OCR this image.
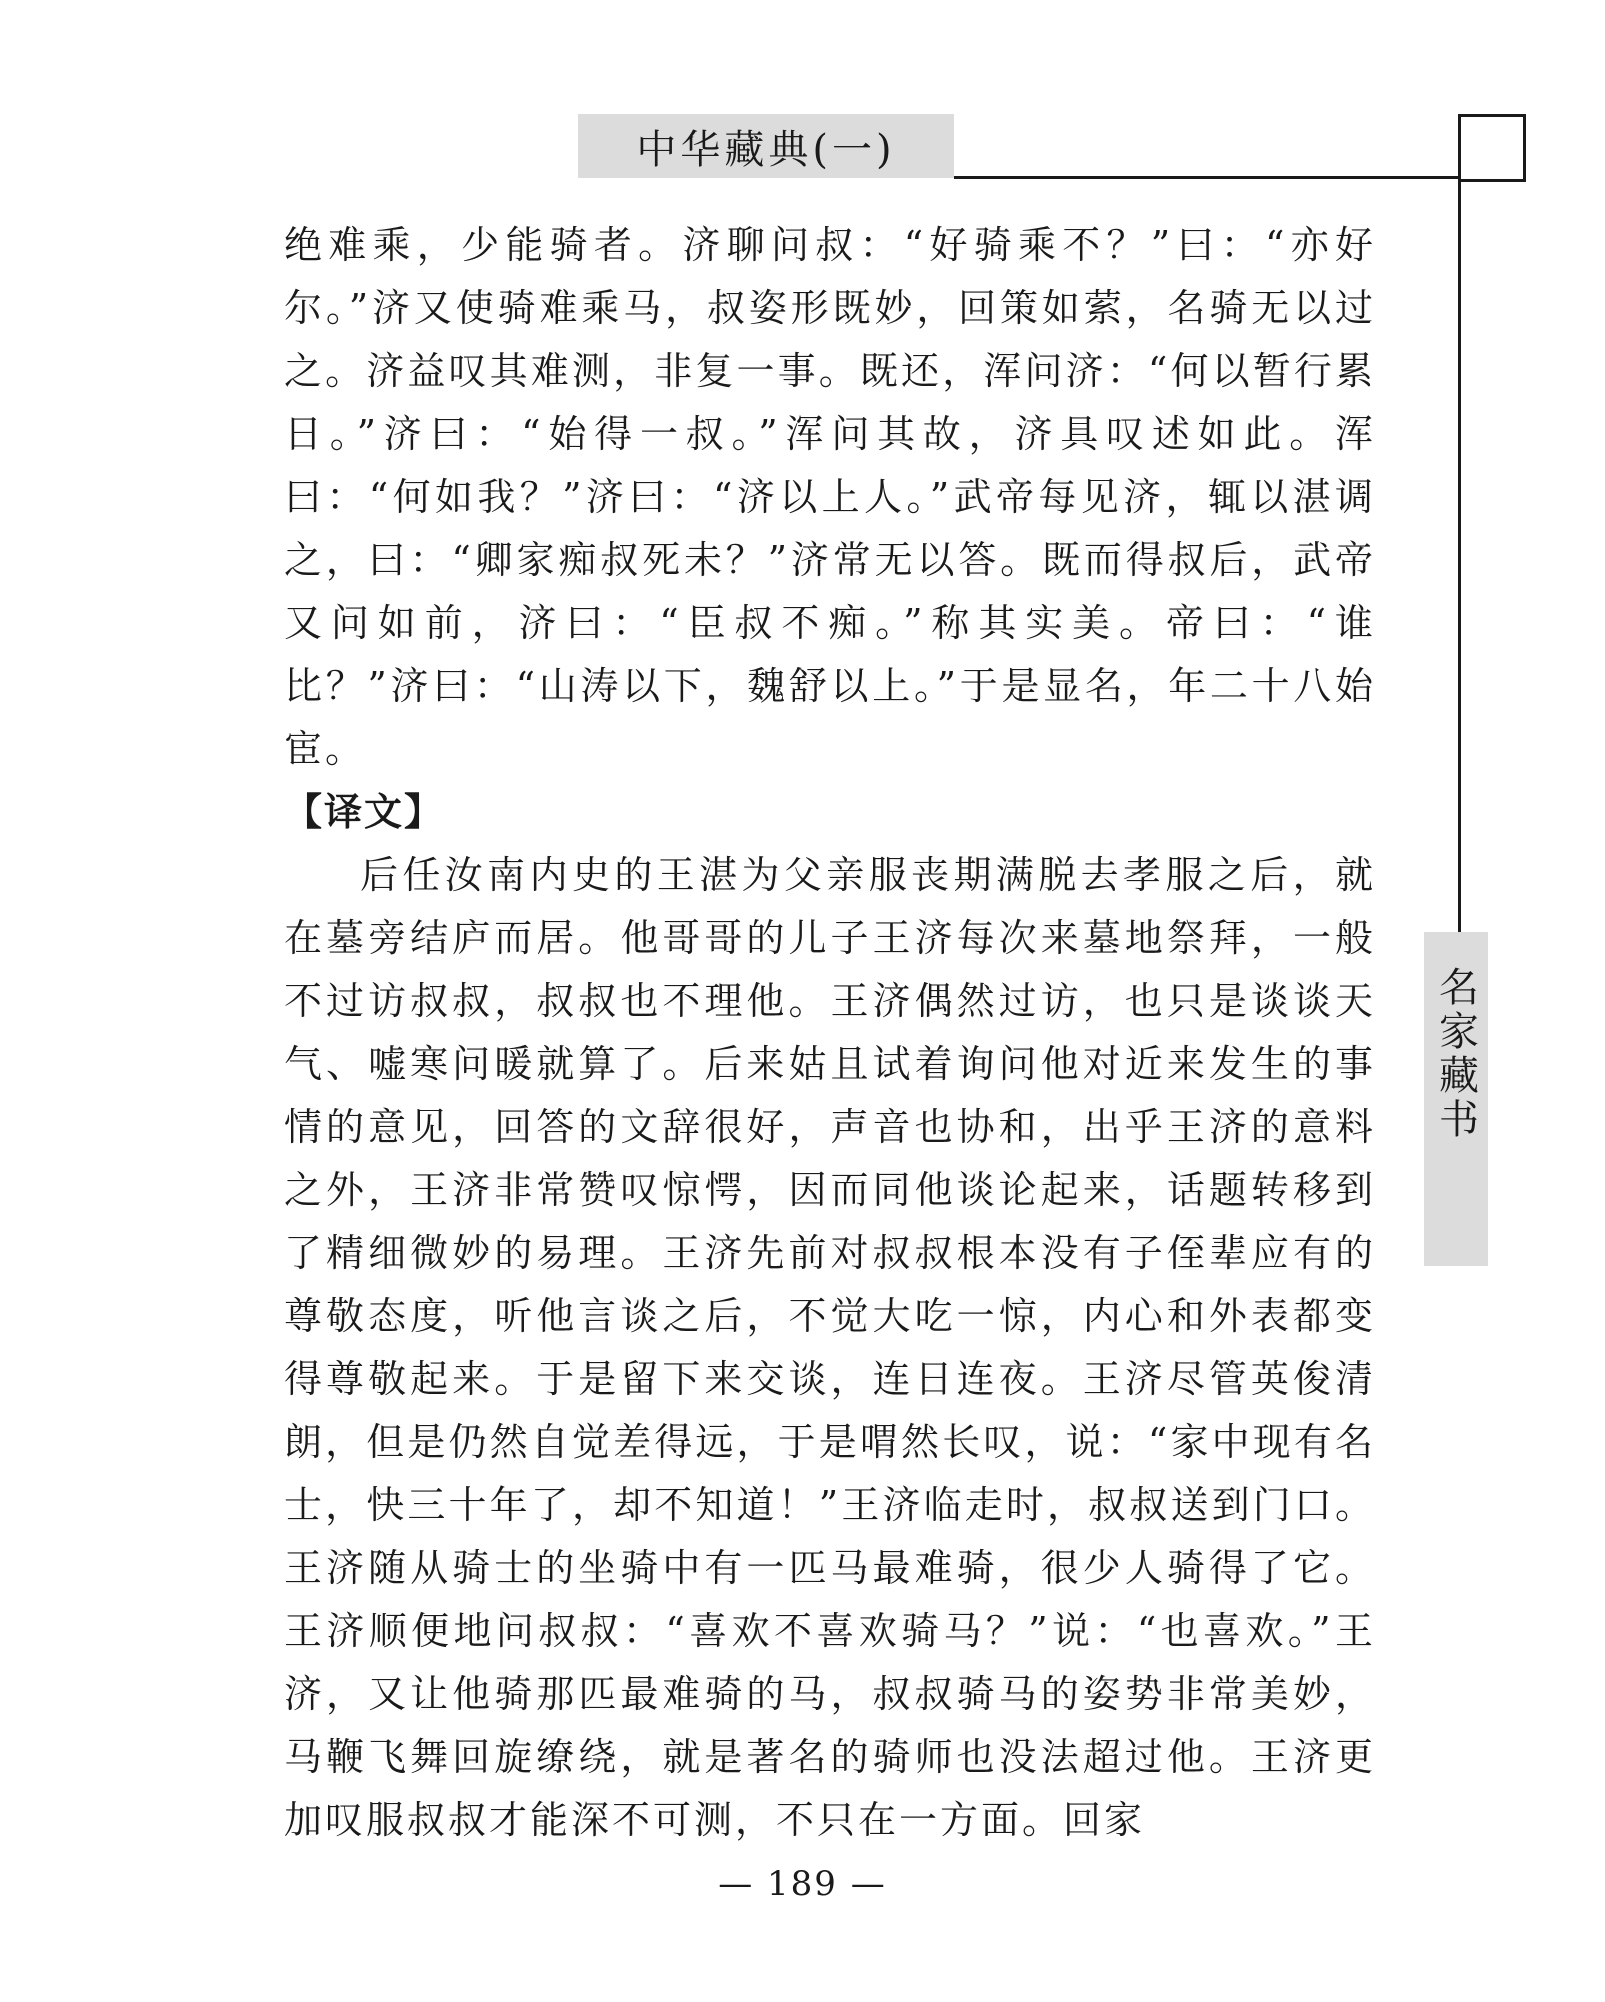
中华藏典(一)
名家藏书

绝难乘，少能骑者。济聊问叔：“好骑乘不？”曰：“亦好尔。”济又使骑难乘马，叔姿形既妙，回策如萦，名骑无以过之。济益叹其难测，非复一事。既还，浑问济：“何以暂行累日。”济曰：“始得一叔。”浑问其故，济具叹述如此。浑曰：“何如我？”济曰：“济以上人。”武帝每见济，辄以湛调之，曰：“卿家痴叔死未？”济常无以答。既而得叔后，武帝又问如前，济曰：“臣叔不痴。”称其实美。帝曰：“谁比？”济曰：“山涛以下，魏舒以上。”于是显名，年二十八始宦。

【译文】

后任汝南内史的王湛为父亲服丧期满脱去孝服之后，就在墓旁结庐而居。他哥哥的儿子王济每次来墓地祭拜，一般不过访叔叔，叔叔也不理他。王济偶然过访，也只是谈谈天气、嘘寒问暖就算了。后来姑且试着询问他对近来发生的事情的意见，回答的文辞很好，声音也协和，出乎王济的意料之外，王济非常赞叹惊愕，因而同他谈论起来，话题转移到了精细微妙的易理。王济先前对叔叔根本没有子侄辈应有的尊敬态度，听他言谈之后，不觉大吃一惊，内心和外表都变得尊敬起来。于是留下来交谈，连日连夜。王济尽管英俊清朗，但是仍然自觉差得远，于是喟然长叹，说：“家中现有名士，快三十年了，却不知道！”王济临走时，叔叔送到门口。王济随从骑士的坐骑中有一匹马最难骑，很少人骑得了它。王济顺便地问叔叔：“喜欢不喜欢骑马？”说：“也喜欢。”王济，又让他骑那匹最难骑的马，叔叔骑马的姿势非常美妙，马鞭飞舞回旋缭绕，就是著名的骑师也没法超过他。王济更加叹服叔叔才能深不可测，不只在一方面。回家

— 189 —
